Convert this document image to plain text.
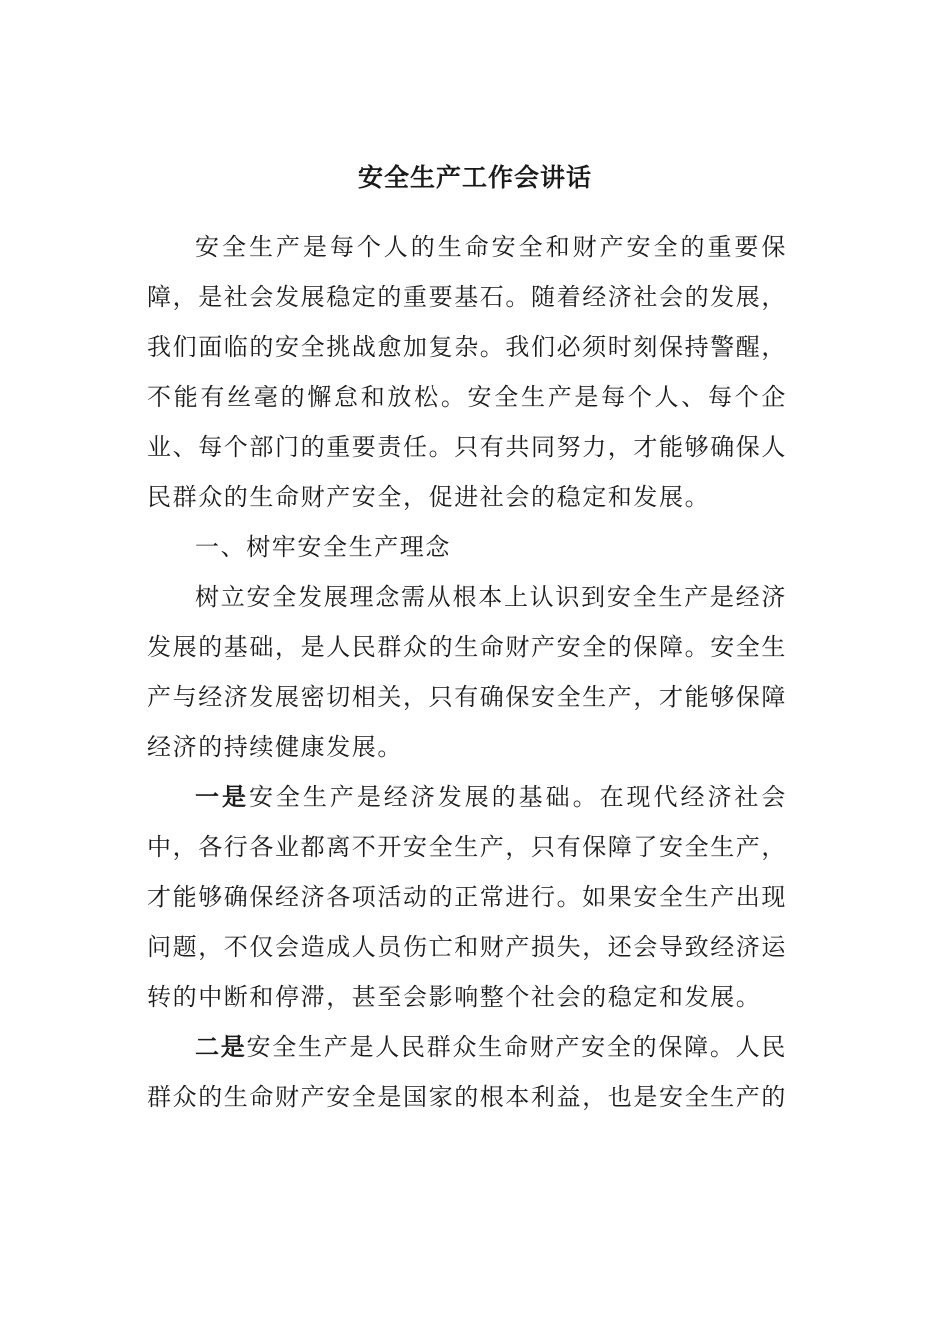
安全生产工作会讲话

安全生产是每个人的生命安全和财产安全的重要保障，是社会发展稳定的重要基石。随着经济社会的发展，我们面临的安全挑战愈加复杂。我们必须时刻保持警醒，不能有丝毫的懈怠和放松。安全生产是每个人、每个企业、每个部门的重要责任。只有共同努力，才能够确保人民群众的生命财产安全，促进社会的稳定和发展。

一、树牢安全生产理念

树立安全发展理念需从根本上认识到安全生产是经济发展的基础，是人民群众的生命财产安全的保障。安全生产与经济发展密切相关，只有确保安全生产，才能够保障经济的持续健康发展。

一是安全生产是经济发展的基础。在现代经济社会中，各行各业都离不开安全生产，只有保障了安全生产，才能够确保经济各项活动的正常进行。如果安全生产出现问题，不仅会造成人员伤亡和财产损失，还会导致经济运转的中断和停滞，甚至会影响整个社会的稳定和发展。

二是安全生产是人民群众生命财产安全的保障。人民群众的生命财产安全是国家的根本利益，也是安全生产的
